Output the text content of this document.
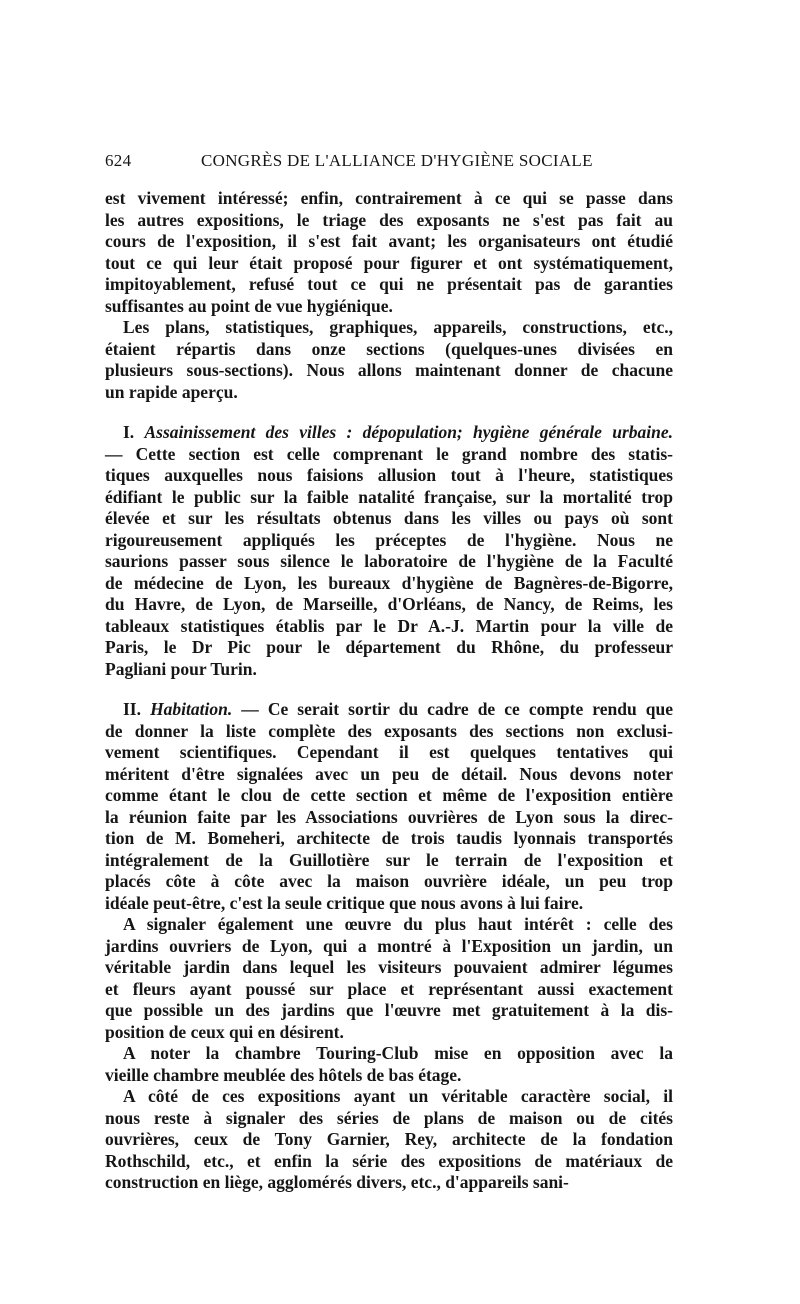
624	CONGRÈS DE L'ALLIANCE D'HYGIÈNE SOCIALE
est vivement intéressé; enfin, contrairement à ce qui se passe dans
les autres expositions, le triage des exposants ne s'est pas fait au
cours de l'exposition, il s'est fait avant; les organisateurs ont étudié
tout ce qui leur était proposé pour figurer et ont systématiquement,
impitoyablement, refusé tout ce qui ne présentait pas de garanties
suffisantes au point de vue hygiénique.
Les plans, statistiques, graphiques, appareils, constructions, etc.,
étaient répartis dans onze sections (quelques-unes divisées en
plusieurs sous-sections). Nous allons maintenant donner de chacune
un rapide aperçu.
I. Assainissement des villes : dépopulation; hygiène générale urbaine.
— Cette section est celle comprenant le grand nombre des statis-
tiques auxquelles nous faisions allusion tout à l'heure, statistiques
édifiant le public sur la faible natalité française, sur la mortalité trop
élevée et sur les résultats obtenus dans les villes ou pays où sont
rigoureusement appliqués les préceptes de l'hygiène. Nous ne
saurions passer sous silence le laboratoire de l'hygiène de la Faculté
de médecine de Lyon, les bureaux d'hygiène de Bagnères-de-Bigorre,
du Havre, de Lyon, de Marseille, d'Orléans, de Nancy, de Reims, les
tableaux statistiques établis par le Dr A.-J. Martin pour la ville de
Paris, le Dr Pic pour le département du Rhône, du professeur
Pagliani pour Turin.
II. Habitation. — Ce serait sortir du cadre de ce compte rendu que
de donner la liste complète des exposants des sections non exclusi-
vement scientifiques. Cependant il est quelques tentatives qui
méritent d'être signalées avec un peu de détail. Nous devons noter
comme étant le clou de cette section et même de l'exposition entière
la réunion faite par les Associations ouvrières de Lyon sous la direc-
tion de M. Bomeheri, architecte de trois taudis lyonnais transportés
intégralement de la Guillotière sur le terrain de l'exposition et
placés côte à côte avec la maison ouvrière idéale, un peu trop
idéale peut-être, c'est la seule critique que nous avons à lui faire.
A signaler également une œuvre du plus haut intérêt : celle des
jardins ouvriers de Lyon, qui a montré à l'Exposition un jardin, un
véritable jardin dans lequel les visiteurs pouvaient admirer légumes
et fleurs ayant poussé sur place et représentant aussi exactement
que possible un des jardins que l'œuvre met gratuitement à la dis-
position de ceux qui en désirent.
A noter la chambre Touring-Club mise en opposition avec la
vieille chambre meublée des hôtels de bas étage.
A côté de ces expositions ayant un véritable caractère social, il
nous reste à signaler des séries de plans de maison ou de cités
ouvrières, ceux de Tony Garnier, Rey, architecte de la fondation
Rothschild, etc., et enfin la série des expositions de matériaux de
construction en liège, agglomérés divers, etc., d'appareils sani-
